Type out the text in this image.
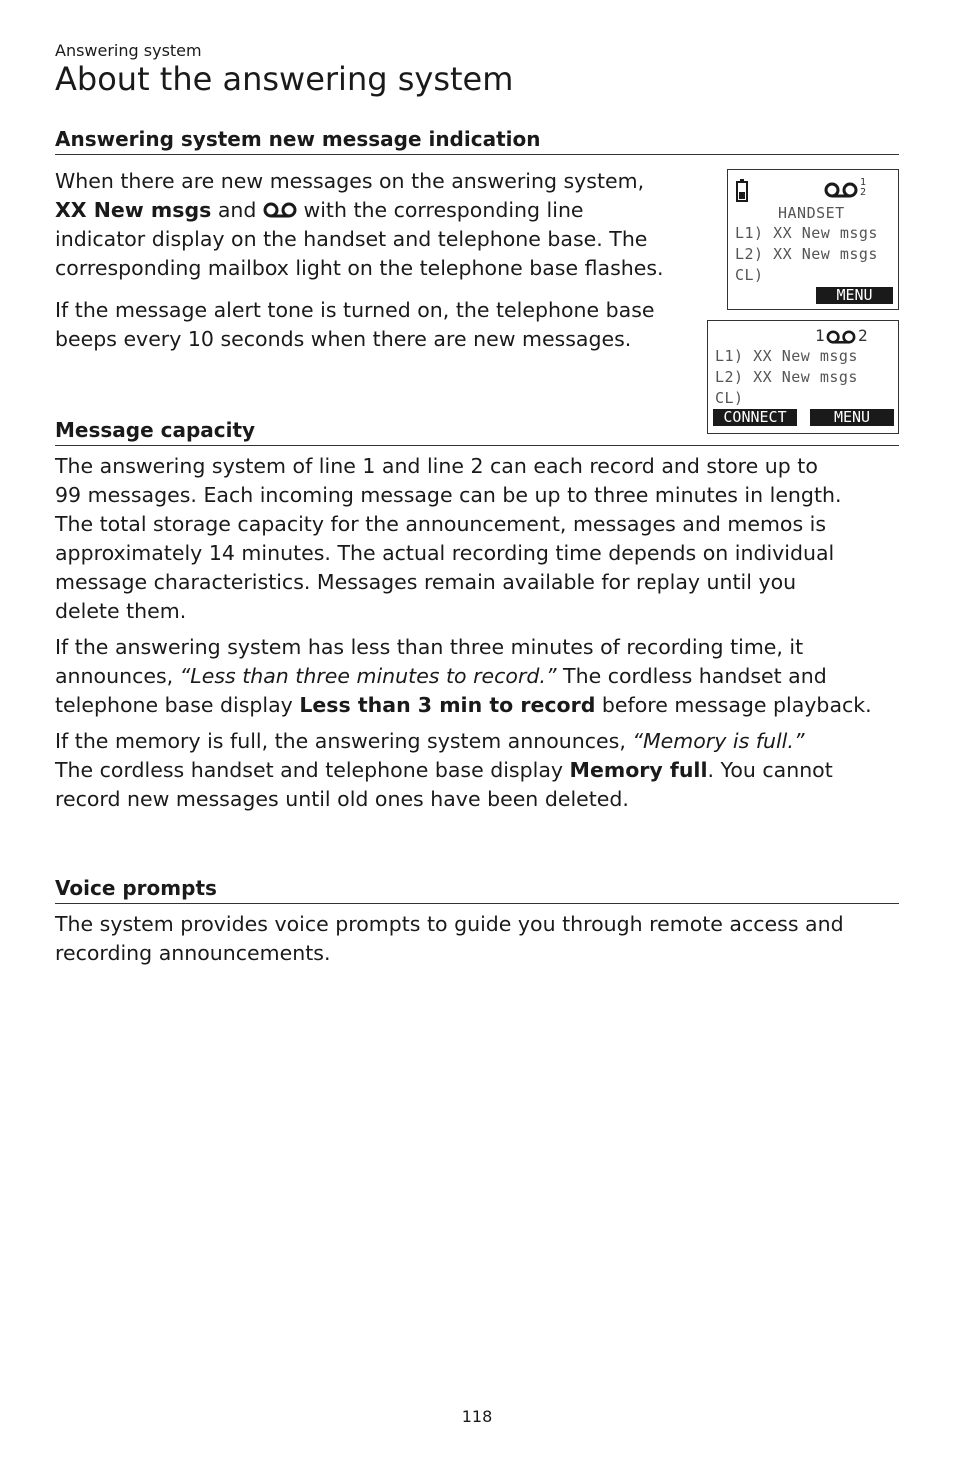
Answering system
About the answering system
Answering system new message indication

When there are new messages on the answering system,
XX New msgs and  with the corresponding line
indicator display on the handset and telephone base. The
corresponding mailbox light on the telephone base flashes.

If the message alert tone is turned on, the telephone base
beeps every 10 seconds when there are new messages.

1
2
HANDSET
L1) XX New msgs
L2) XX New msgs
CL)
MENU
1 2
L1) XX New msgs
L2) XX New msgs
CL)
CONNECT	MENU
Message capacity

The answering system of line 1 and line 2 can each record and store up to
99 messages. Each incoming message can be up to three minutes in length.
The total storage capacity for the announcement, messages and memos is
approximately 14 minutes. The actual recording time depends on individual
message characteristics. Messages remain available for replay until you
delete them.

If the answering system has less than three minutes of recording time, it
announces, “Less than three minutes to record.” The cordless handset and
telephone base display Less than 3 min to record before message playback.

If the memory is full, the answering system announces, “Memory is full.”
The cordless handset and telephone base display Memory full. You cannot
record new messages until old ones have been deleted.

Voice prompts

The system provides voice prompts to guide you through remote access and
recording announcements.

118
